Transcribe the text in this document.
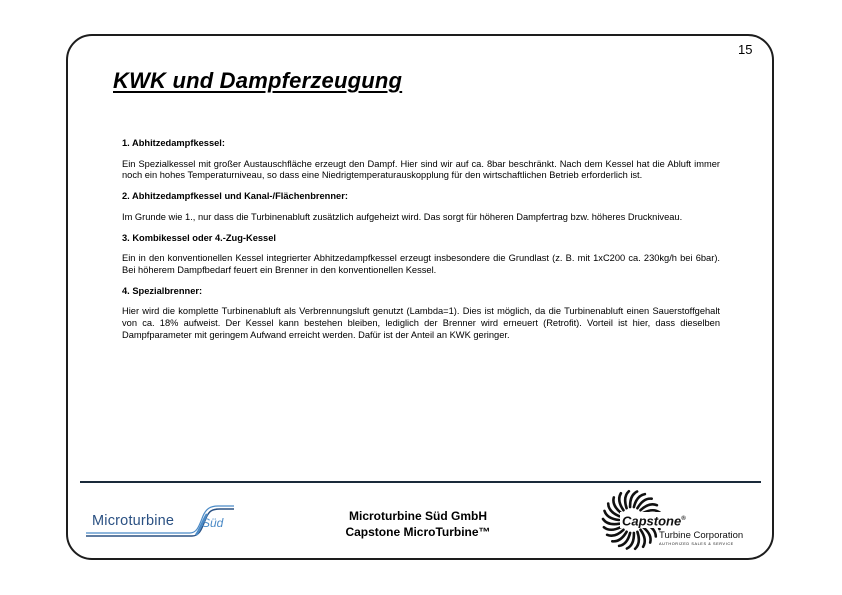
15
KWK und Dampferzeugung
1. Abhitzedampfkessel:

Ein Spezialkessel mit großer Austauschfläche erzeugt den Dampf. Hier sind wir auf ca. 8bar beschränkt. Nach dem Kessel hat die Abluft immer noch ein hohes Temperaturniveau, so dass eine Niedrigtemperaturauskopplung für den wirtschaftlichen Betrieb erforderlich ist.

2. Abhitzedampfkessel und Kanal-/Flächenbrenner:

Im Grunde wie 1., nur dass die Turbinenabluft zusätzlich aufgeheizt wird. Das sorgt für höheren Dampfertrag bzw. höheres Druckniveau.

3. Kombikessel oder 4.-Zug-Kessel

Ein in den konventionellen Kessel integrierter Abhitzedampfkessel erzeugt insbesondere die Grundlast (z. B. mit 1xC200 ca. 230kg/h bei 6bar). Bei höherem Dampfbedarf feuert ein Brenner in den konventionellen Kessel.

4. Spezialbrenner:

Hier wird die komplette Turbinenabluft als Verbrennungsluft genutzt (Lambda=1). Dies ist möglich, da die Turbinenabluft einen Sauerstoffgehalt von ca. 18% aufweist. Der Kessel kann bestehen bleiben, lediglich der Brenner wird erneuert (Retrofit). Vorteil ist hier, dass dieselben Dampfparameter mit geringem Aufwand erreicht werden. Dafür ist der Anteil an KWK geringer.

Microturbine Süd	Microturbine Süd GmbH
Capstone MicroTurbine™
Capstone®
Turbine Corporation
AUTHORIZED SALES & SERVICE
